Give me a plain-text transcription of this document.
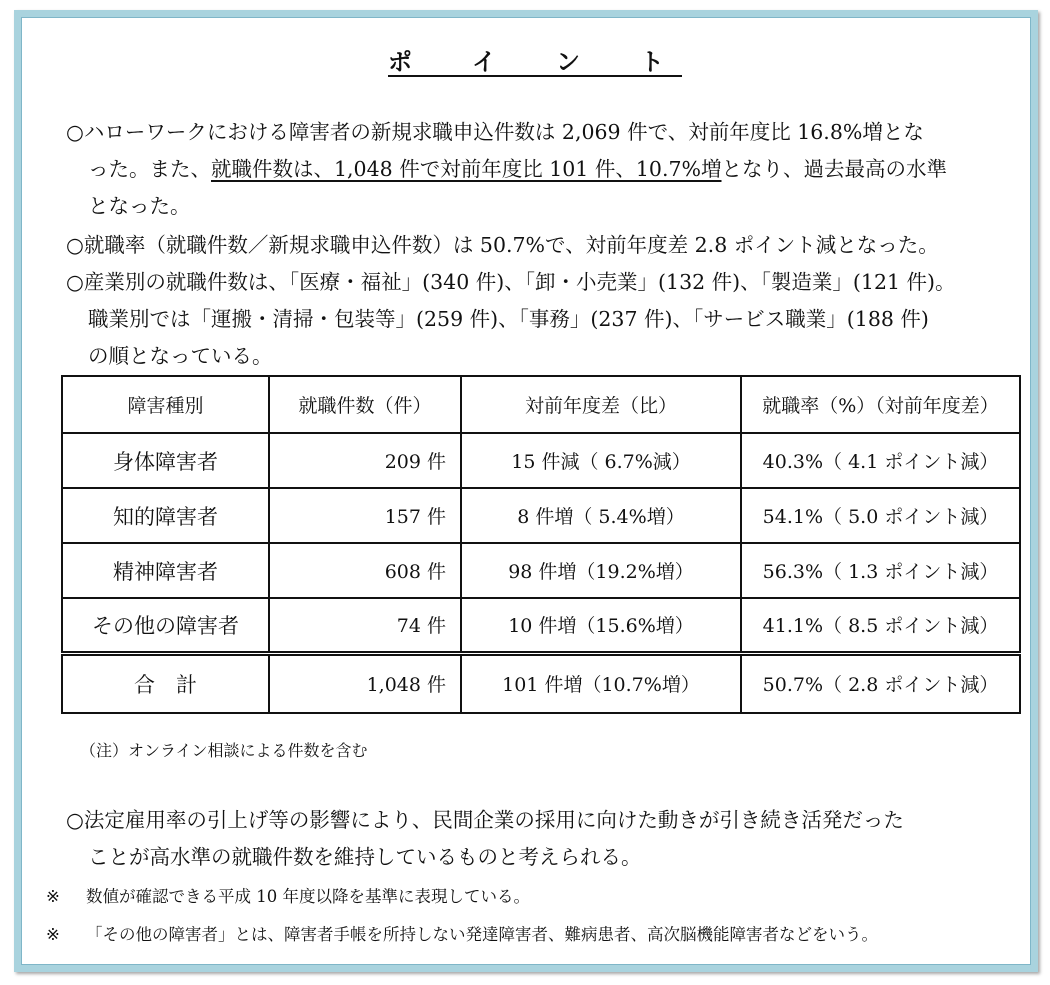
ポ　イ　ン　ト
○ハローワークにおける障害者の新規求職申込件数は 2,069 件で、対前年度比 16.8%増とな
った。また、就職件数は、1,048 件で対前年度比 101 件、10.7%増となり、過去最高の水準
となった。
○就職率（就職件数／新規求職申込件数）は 50.7%で、対前年度差 2.8 ポイント減となった。
○産業別の就職件数は、「医療・福祉」(340 件)、「卸・小売業」(132 件)、「製造業」(121 件)。
職業別では「運搬・清掃・包装等」(259 件)、「事務」(237 件)、「サービス職業」(188 件)
の順となっている。
障害種別	就職件数（件）	対前年度差（比）	就職率（%）（対前年度差）
身体障害者	209 件	15 件減（ 6.7%減）	40.3%（ 4.1 ポイント減）
知的障害者	157 件	8 件増（ 5.4%増）	54.1%（ 5.0 ポイント減）
精神障害者	608 件	98 件増（19.2%増）	56.3%（ 1.3 ポイント減）
その他の障害者	74 件	10 件増（15.6%増）	41.1%（ 8.5 ポイント減）
合　計	1,048 件	101 件増（10.7%増）	50.7%（ 2.8 ポイント減）
（注）オンライン相談による件数を含む
○法定雇用率の引上げ等の影響により、民間企業の採用に向けた動きが引き続き活発だった
ことが高水準の就職件数を維持しているものと考えられる。
※ 数値が確認できる平成 10 年度以降を基準に表現している。
※ 「その他の障害者」とは、障害者手帳を所持しない発達障害者、難病患者、高次脳機能障害者などをいう。
